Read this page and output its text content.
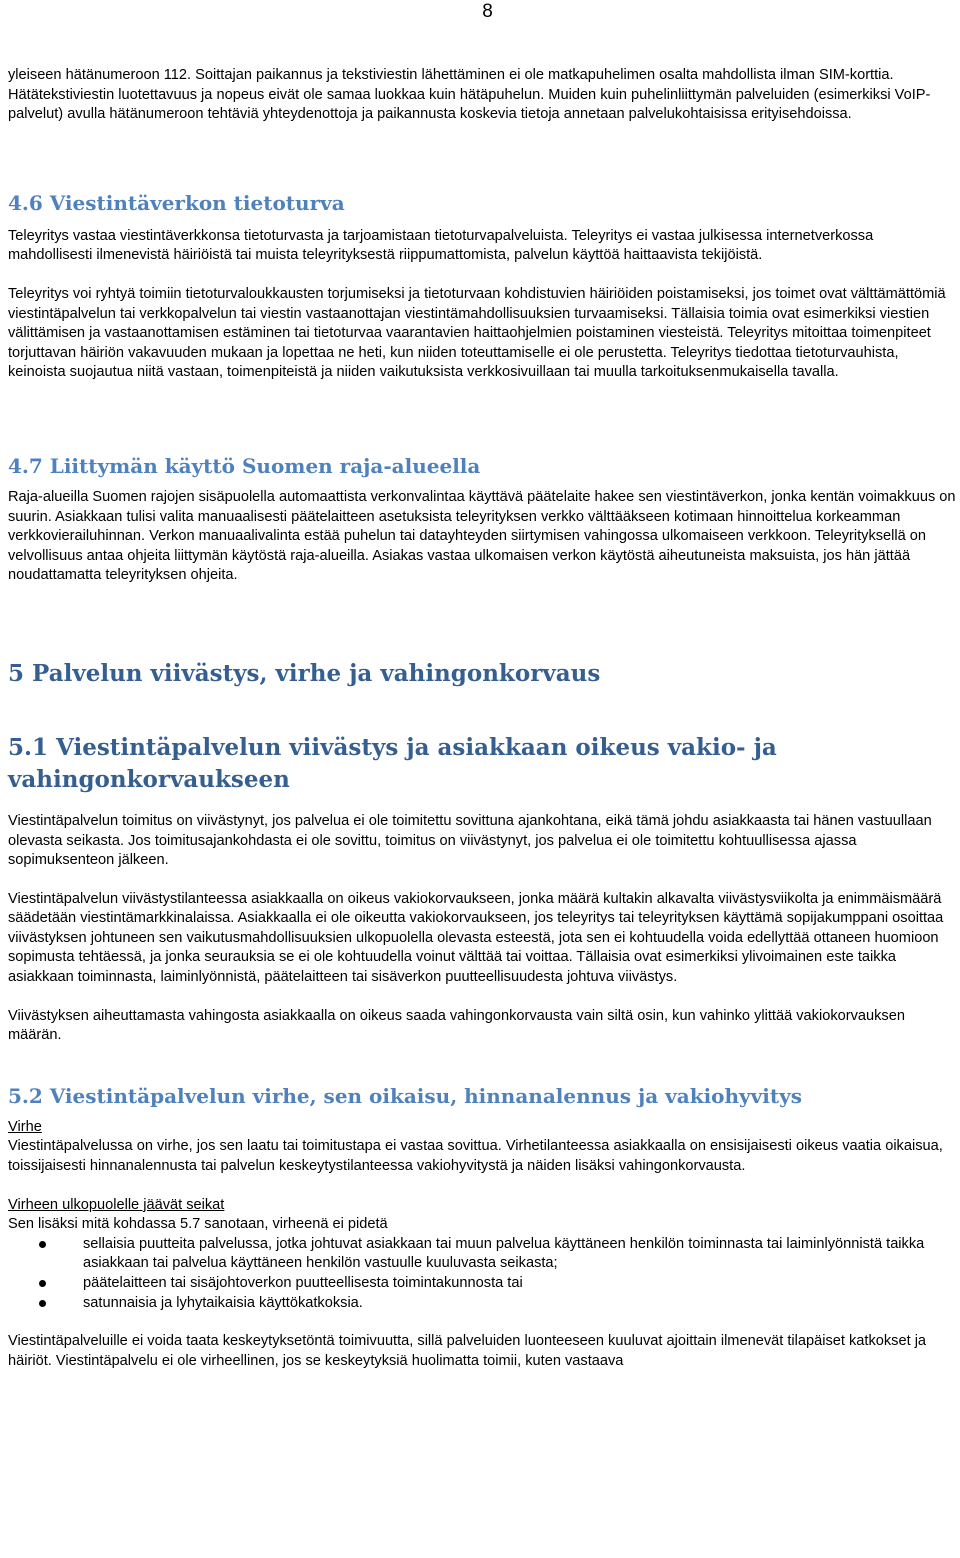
8

yleiseen hätänumeroon 112. Soittajan paikannus ja tekstiviestin lähettäminen ei ole matkapuhelimen osalta mahdollista ilman SIM-korttia. Hätätekstiviestin luotettavuus ja nopeus eivät ole samaa luokkaa kuin hätäpuhelun. Muiden kuin puhelinliittymän palveluiden (esimerkiksi VoIP-palvelut) avulla hätänumeroon tehtäviä yhteydenottoja ja paikannusta koskevia tietoja annetaan palvelukohtaisissa erityisehdoissa.

4.6 Viestintäverkon tietoturva

Teleyritys vastaa viestintäverkkonsa tietoturvasta ja tarjoamistaan tietoturvapalveluista. Teleyritys ei vastaa julkisessa internetverkossa mahdollisesti ilmenevistä häiriöistä tai muista teleyrityksestä riippumattomista, palvelun käyttöä haittaavista tekijöistä.

Teleyritys voi ryhtyä toimiin tietoturvaloukkausten torjumiseksi ja tietoturvaan kohdistuvien häiriöiden poistamiseksi, jos toimet ovat välttämättömiä viestintäpalvelun tai verkkopalvelun tai viestin vastaanottajan viestintämahdollisuuksien turvaamiseksi. Tällaisia toimia ovat esimerkiksi viestien välittämisen ja vastaanottamisen estäminen tai tietoturvaa vaarantavien haittaohjelmien poistaminen viesteistä. Teleyritys mitoittaa toimenpiteet torjuttavan häiriön vakavuuden mukaan ja lopettaa ne heti, kun niiden toteuttamiselle ei ole perustetta. Teleyritys tiedottaa tietoturvauhista, keinoista suojautua niitä vastaan, toimenpiteistä ja niiden vaikutuksista verkkosivuillaan tai muulla tarkoituksenmukaisella tavalla.

4.7 Liittymän käyttö Suomen raja-alueella

Raja-alueilla Suomen rajojen sisäpuolella automaattista verkonvalintaa käyttävä päätelaite hakee sen viestintäverkon, jonka kentän voimakkuus on suurin. Asiakkaan tulisi valita manuaalisesti päätelaitteen asetuksista teleyrityksen verkko välttääkseen kotimaan hinnoittelua korkeamman verkkovierailuhinnan. Verkon manuaalivalinta estää puhelun tai datayhteyden siirtymisen vahingossa ulkomaiseen verkkoon. Teleyrityksellä on velvollisuus antaa ohjeita liittymän käytöstä raja-alueilla. Asiakas vastaa ulkomaisen verkon käytöstä aiheutuneista maksuista, jos hän jättää noudattamatta teleyrityksen ohjeita.

5 Palvelun viivästys, virhe ja vahingonkorvaus
5.1 Viestintäpalvelun viivästys ja asiakkaan oikeus vakio- ja vahingonkorvaukseen

Viestintäpalvelun toimitus on viivästynyt, jos palvelua ei ole toimitettu sovittuna ajankohtana, eikä tämä johdu asiakkaasta tai hänen vastuullaan olevasta seikasta. Jos toimitusajankohdasta ei ole sovittu, toimitus on viivästynyt, jos palvelua ei ole toimitettu kohtuullisessa ajassa sopimuksenteon jälkeen.

Viestintäpalvelun viivästystilanteessa asiakkaalla on oikeus vakiokorvaukseen, jonka määrä kultakin alkavalta viivästysviikolta ja enimmäismäärä säädetään viestintämarkkinalaissa. Asiakkaalla ei ole oikeutta vakiokorvaukseen, jos teleyritys tai teleyrityksen käyttämä sopijakumppani osoittaa viivästyksen johtuneen sen vaikutusmahdollisuuksien ulkopuolella olevasta esteestä, jota sen ei kohtuudella voida edellyttää ottaneen huomioon sopimusta tehtäessä, ja jonka seurauksia se ei ole kohtuudella voinut välttää tai voittaa. Tällaisia ovat esimerkiksi ylivoimainen este taikka asiakkaan toiminnasta, laiminlyönnistä, päätelaitteen tai sisäverkon puutteellisuudesta johtuva viivästys.

Viivästyksen aiheuttamasta vahingosta asiakkaalla on oikeus saada vahingonkorvausta vain siltä osin, kun vahinko ylittää vakiokorvauksen määrän.

5.2 Viestintäpalvelun virhe, sen oikaisu, hinnanalennus ja vakiohyvitys

Virhe

Viestintäpalvelussa on virhe, jos sen laatu tai toimitustapa ei vastaa sovittua. Virhetilanteessa asiakkaalla on ensisijaisesti oikeus vaatia oikaisua, toissijaisesti hinnanalennusta tai palvelun keskeytystilanteessa vakiohyvitystä ja näiden lisäksi vahingonkorvausta.

Virheen ulkopuolelle jäävät seikat

Sen lisäksi mitä kohdassa 5.7 sanotaan, virheenä ei pidetä

sellaisia puutteita palvelussa, jotka johtuvat asiakkaan tai muun palvelua käyttäneen henkilön toiminnasta tai laiminlyönnistä taikka asiakkaan tai palvelua käyttäneen henkilön vastuulle kuuluvasta seikasta;
päätelaitteen tai sisäjohtoverkon puutteellisesta toimintakunnosta tai
satunnaisia ja lyhytaikaisia käyttökatkoksia.

Viestintäpalveluille ei voida taata keskeytyksetöntä toimivuutta, sillä palveluiden luonteeseen kuuluvat ajoittain ilmenevät tilapäiset katkokset ja häiriöt. Viestintäpalvelu ei ole virheellinen, jos se keskeytyksiä huolimatta toimii, kuten vastaava
